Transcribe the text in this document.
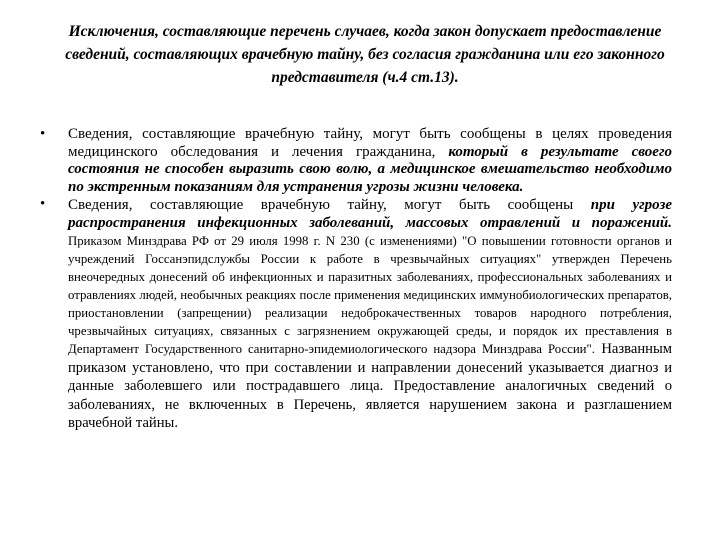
Исключения, составляющие перечень случаев, когда закон допускает предоставление сведений, составляющих врачебную тайну, без согласия гражданина или его законного представителя (ч.4 ст.13).
• Сведения, составляющие врачебную тайну, могут быть сообщены в целях проведения медицинского обследования и лечения гражданина, который в результате своего состояния не способен выразить свою волю, а медицинское вмешательство необходимо по экстренным показаниям для устранения угрозы жизни человека.
• Сведения, составляющие врачебную тайну, могут быть сообщены при угрозе распространения инфекционных заболеваний, массовых отравлений и поражений. Приказом Минздрава РФ от 29 июля 1998 г. N 230 (с изменениями) "О повышении готовности органов и учреждений Госсанэпидслужбы России к работе в чрезвычайных ситуациях" утвержден Перечень внеочередных донесений об инфекционных и паразитных заболеваниях, профессиональных заболеваниях и отравлениях людей, необычных реакциях после применения медицинских иммунобиологических препаратов, приостановлении (запрещении) реализации недоброкачественных товаров народного потребления, чрезвычайных ситуациях, связанных с загрязнением окружающей среды, и порядок их преставления в Департамент Государственного санитарно-эпидемиологического надзора Минздрава России". Названным приказом установлено, что при составлении и направлении донесений указывается диагноз и данные заболевшего или пострадавшего лица. Предоставление аналогичных сведений о заболеваниях, не включенных в Перечень, является нарушением закона и разглашением врачебной тайны.
